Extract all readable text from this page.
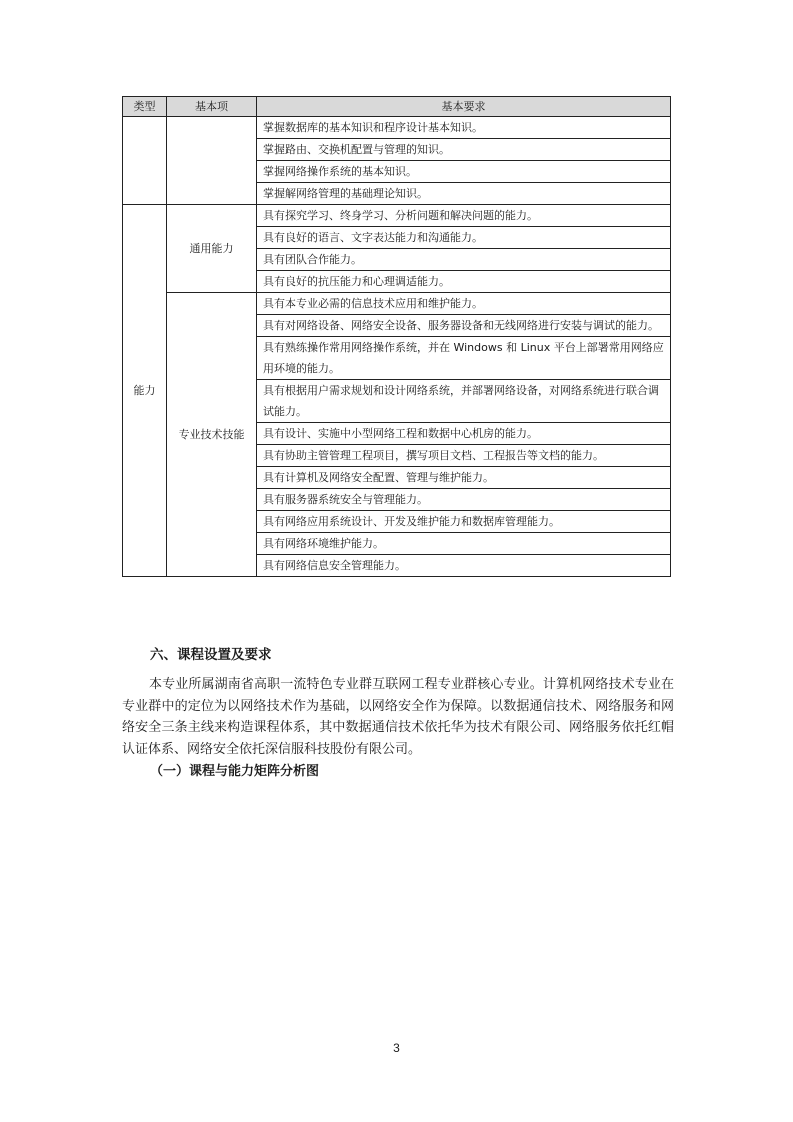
类型	基本项	基本要求
		掌握数据库的基本知识和程序设计基本知识。
		掌握路由、交换机配置与管理的知识。
		掌握网络操作系统的基本知识。
		掌握解网络管理的基础理论知识。
能力	通用能力	具有探究学习、终身学习、分析问题和解决问题的能力。
		具有良好的语言、文字表达能力和沟通能力。
		具有团队合作能力。
		具有良好的抗压能力和心理调适能力。
	专业技术技能	具有本专业必需的信息技术应用和维护能力。
		具有对网络设备、网络安全设备、服务器设备和无线网络进行安装与调试的能力。
		具有熟练操作常用网络操作系统，并在 Windows 和 Linux 平台上部署常用网络应用环境的能力。
		具有根据用户需求规划和设计网络系统，并部署网络设备，对网络系统进行联合调试能力。
		具有设计、实施中小型网络工程和数据中心机房的能力。
		具有协助主管管理工程项目，撰写项目文档、工程报告等文档的能力。
		具有计算机及网络安全配置、管理与维护能力。
		具有服务器系统安全与管理能力。
		具有网络应用系统设计、开发及维护能力和数据库管理能力。
		具有网络环境维护能力。
		具有网络信息安全管理能力。
六、课程设置及要求

本专业所属湖南省高职一流特色专业群互联网工程专业群核心专业。计算机网络技术专业在专业群中的定位为以网络技术作为基础，以网络安全作为保障。以数据通信技术、网络服务和网络安全三条主线来构造课程体系，其中数据通信技术依托华为技术有限公司、网络服务依托红帽认证体系、网络安全依托深信服科技股份有限公司。

（一）课程与能力矩阵分析图
3
